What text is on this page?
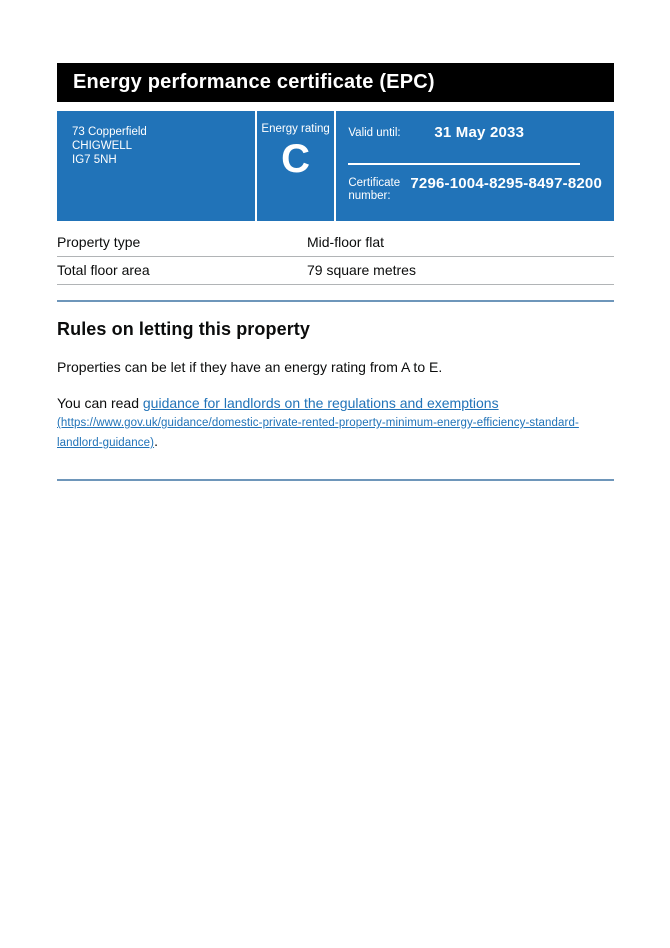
Energy performance certificate (EPC)
73 Copperfield
CHIGWELL
IG7 5NH
Energy rating
C
Valid until:	31 May 2033
Certificate number:
7296-1004-8295-8497-8200
Property type	Mid-floor flat
Total floor area	79 square metres
Rules on letting this property

Properties can be let if they have an energy rating from A to E.

You can read guidance for landlords on the regulations and exemptions
(https://www.gov.uk/guidance/domestic-private-rented-property-minimum-energy-efficiency-standard-landlord-guidance).
